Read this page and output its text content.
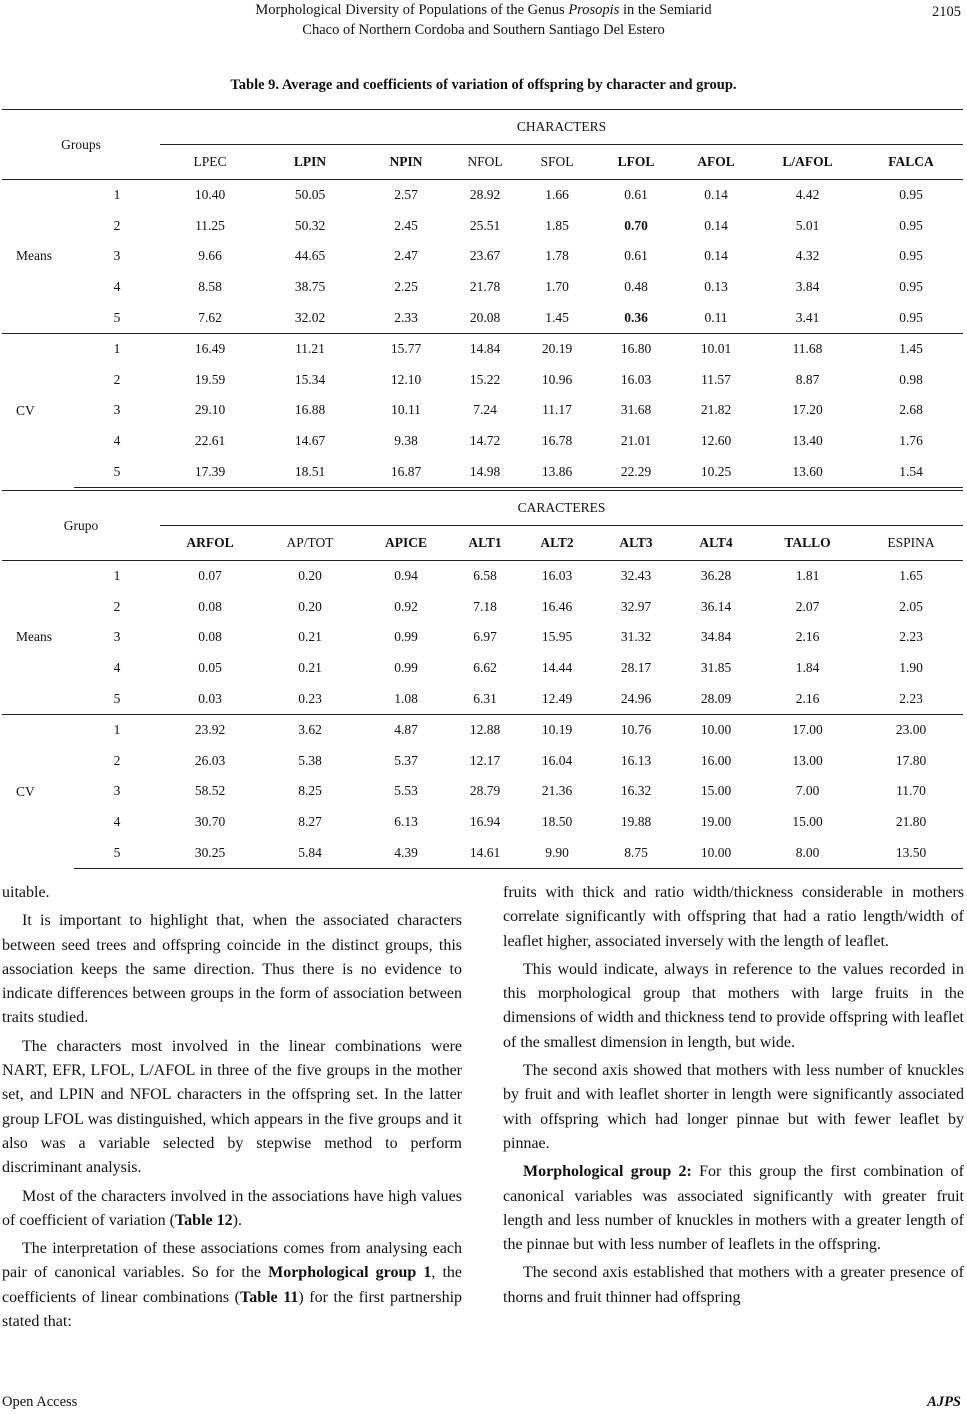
Morphological Diversity of Populations of the Genus Prosopis in the Semiarid
Chaco of Northern Cordoba and Southern Santiago Del Estero
2105
Table 9. Average and coefficients of variation of offspring by character and group.
Groups		CHARACTERS								
		LPEC	LPIN	NPIN	NFOL	SFOL	LFOL	AFOL	L/AFOL	FALCA
Means	1	10.40	50.05	2.57	28.92	1.66	0.61	0.14	4.42	0.95
	2	11.25	50.32	2.45	25.51	1.85	0.70	0.14	5.01	0.95
	3	9.66	44.65	2.47	23.67	1.78	0.61	0.14	4.32	0.95
	4	8.58	38.75	2.25	21.78	1.70	0.48	0.13	3.84	0.95
	5	7.62	32.02	2.33	20.08	1.45	0.36	0.11	3.41	0.95
CV	1	16.49	11.21	15.77	14.84	20.19	16.80	10.01	11.68	1.45
	2	19.59	15.34	12.10	15.22	10.96	16.03	11.57	8.87	0.98
	3	29.10	16.88	10.11	7.24	11.17	31.68	21.82	17.20	2.68
	4	22.61	14.67	9.38	14.72	16.78	21.01	12.60	13.40	1.76
	5	17.39	18.51	16.87	14.98	13.86	22.29	10.25	13.60	1.54
Grupo		CARACTERES								
		ARFOL	AP/TOT	APICE	ALT1	ALT2	ALT3	ALT4	TALLO	ESPINA
Means	1	0.07	0.20	0.94	6.58	16.03	32.43	36.28	1.81	1.65
	2	0.08	0.20	0.92	7.18	16.46	32.97	36.14	2.07	2.05
	3	0.08	0.21	0.99	6.97	15.95	31.32	34.84	2.16	2.23
	4	0.05	0.21	0.99	6.62	14.44	28.17	31.85	1.84	1.90
	5	0.03	0.23	1.08	6.31	12.49	24.96	28.09	2.16	2.23
CV	1	23.92	3.62	4.87	12.88	10.19	10.76	10.00	17.00	23.00
	2	26.03	5.38	5.37	12.17	16.04	16.13	16.00	13.00	17.80
	3	58.52	8.25	5.53	28.79	21.36	16.32	15.00	7.00	11.70
	4	30.70	8.27	6.13	16.94	18.50	19.88	19.00	15.00	21.80
	5	30.25	5.84	4.39	14.61	9.90	8.75	10.00	8.00	13.50

uitable.

It is important to highlight that, when the associated characters between seed trees and offspring coincide in the distinct groups, this association keeps the same direction. Thus there is no evidence to indicate differences between groups in the form of association between traits studied.

The characters most involved in the linear combinations were NART, EFR, LFOL, L/AFOL in three of the five groups in the mother set, and LPIN and NFOL characters in the offspring set. In the latter group LFOL was distinguished, which appears in the five groups and it also was a variable selected by stepwise method to perform discriminant analysis.

Most of the characters involved in the associations have high values of coefficient of variation (Table 12).

The interpretation of these associations comes from analysing each pair of canonical variables. So for the Morphological group 1, the coefficients of linear combinations (Table 11) for the first partnership stated that:

fruits with thick and ratio width/thickness considerable in mothers correlate significantly with offspring that had a ratio length/width of leaflet higher, associated inversely with the length of leaflet.

This would indicate, always in reference to the values recorded in this morphological group that mothers with large fruits in the dimensions of width and thickness tend to provide offspring with leaflet of the smallest dimension in length, but wide.

The second axis showed that mothers with less number of knuckles by fruit and with leaflet shorter in length were significantly associated with offspring which had longer pinnae but with fewer leaflet by pinnae.

Morphological group 2: For this group the first combination of canonical variables was associated significantly with greater fruit length and less number of knuckles in mothers with a greater length of the pinnae but with less number of leaflets in the offspring.

The second axis established that mothers with a greater presence of thorns and fruit thinner had offspring

Open Access	AJPS
